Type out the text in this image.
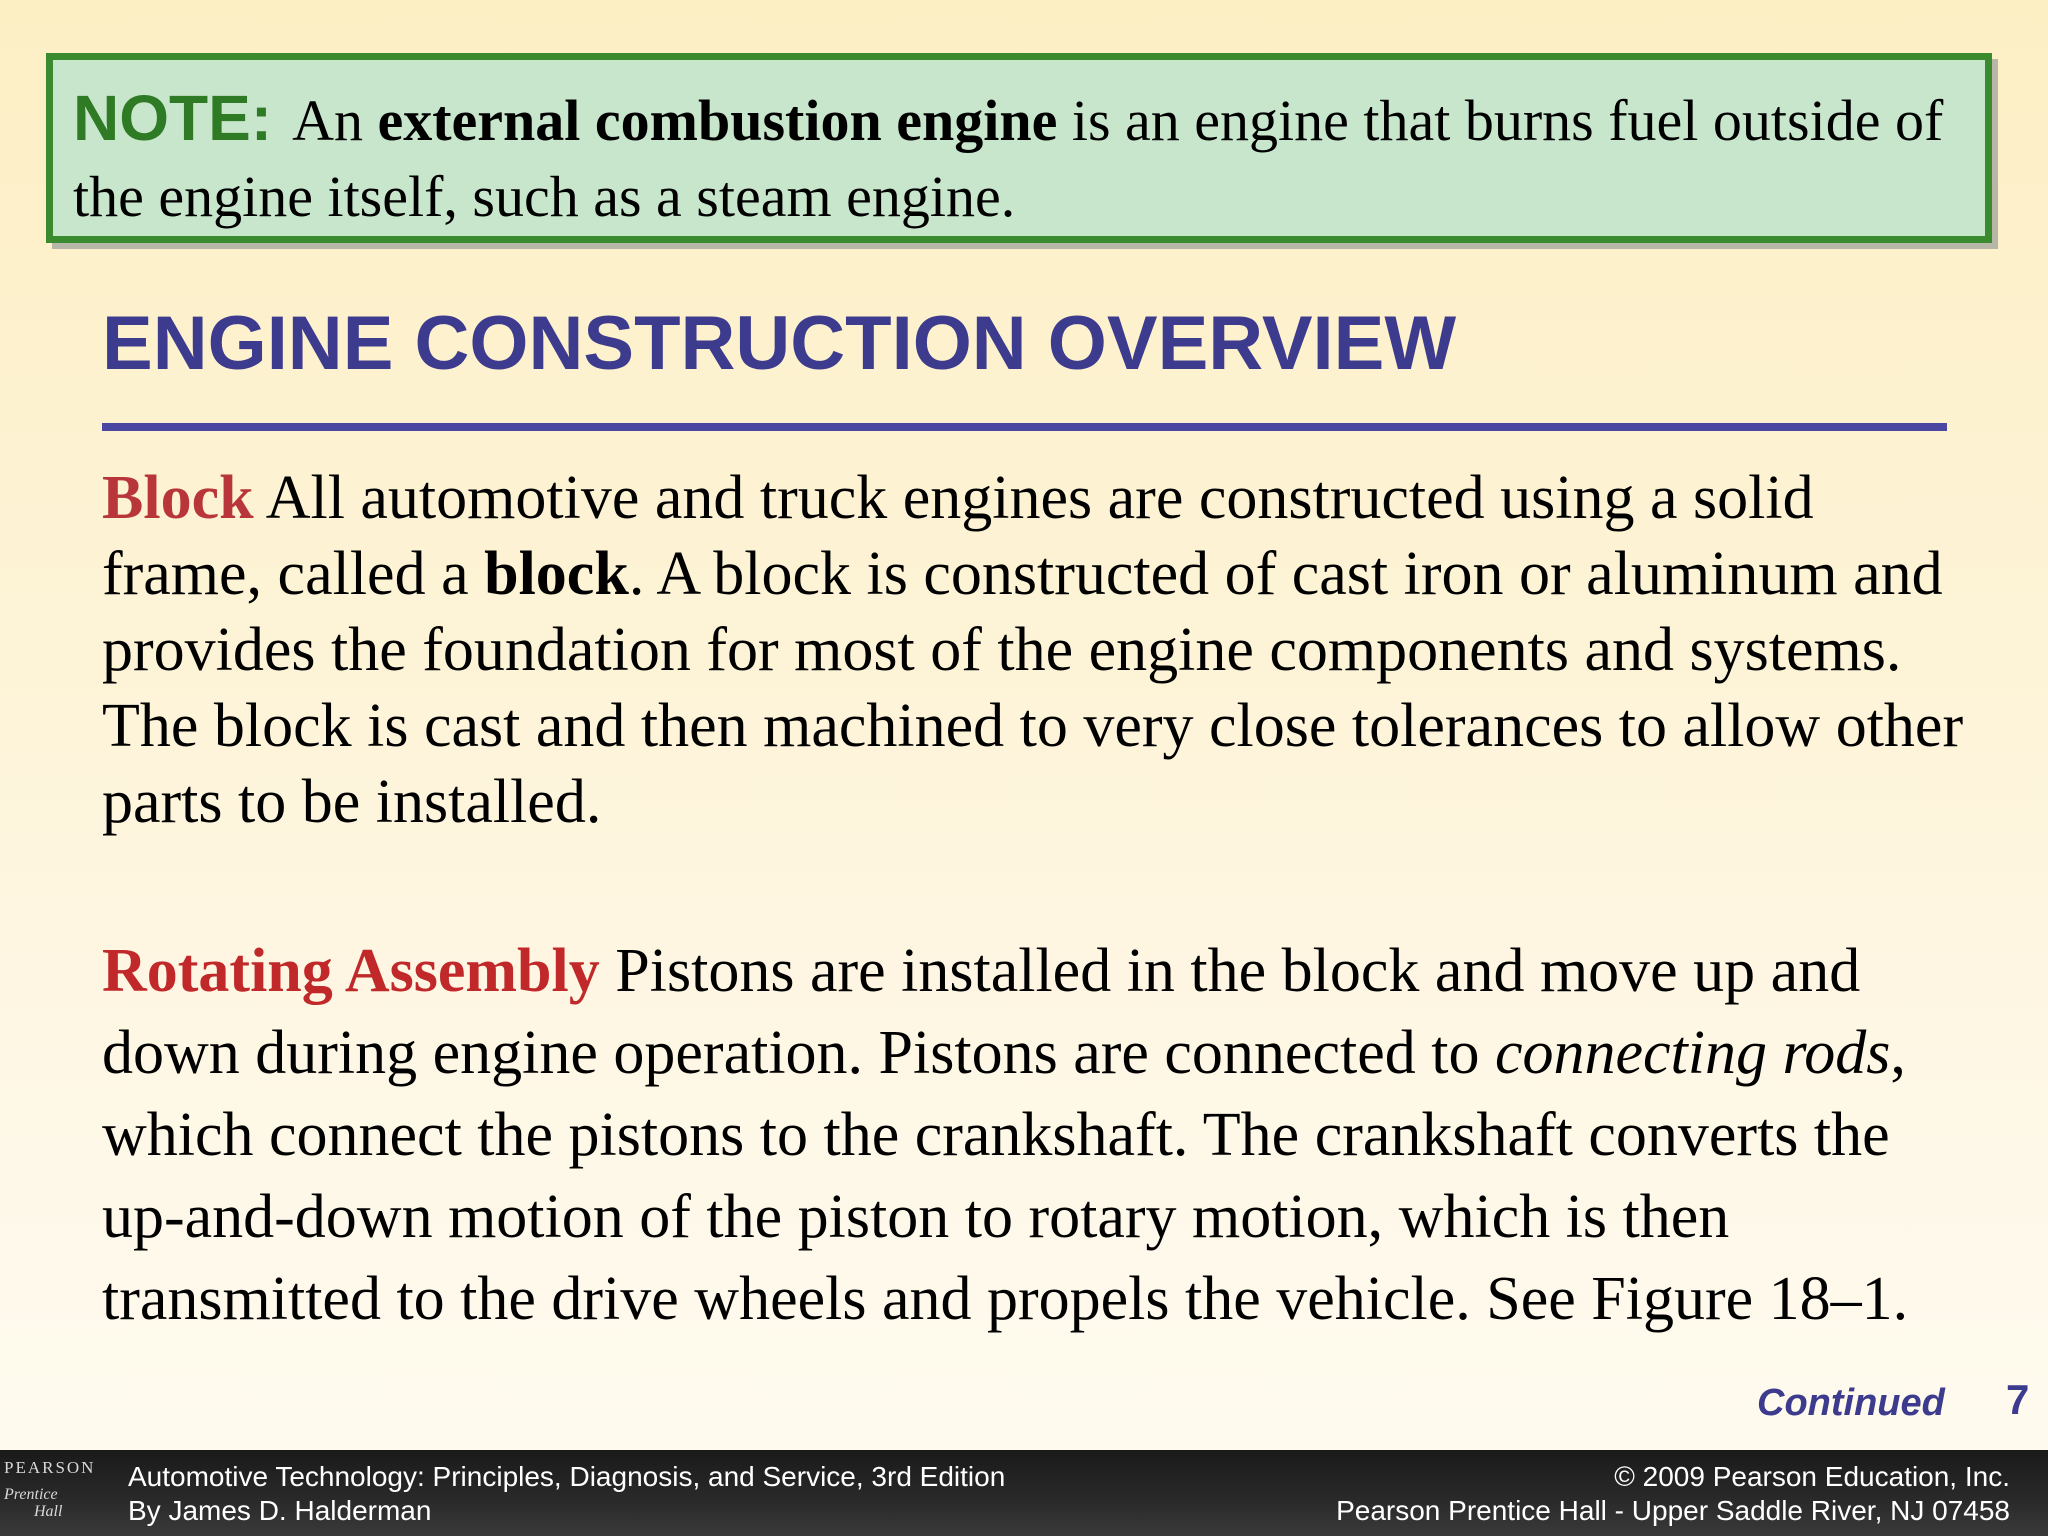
NOTE: An external combustion engine is an engine that burns fuel outside of the engine itself, such as a steam engine.

ENGINE CONSTRUCTION OVERVIEW

Block All automotive and truck engines are constructed using a solid frame, called a block. A block is constructed of cast iron or aluminum and provides the foundation for most of the engine components and systems. The block is cast and then machined to very close tolerances to allow other parts to be installed.

Rotating Assembly Pistons are installed in the block and move up and down during engine operation. Pistons are connected to connecting rods, which connect the pistons to the crankshaft. The crankshaft converts the up-and-down motion of the piston to rotary motion, which is then transmitted to the drive wheels and propels the vehicle. See Figure 18–1.

Continued 7
PEARSON
Prentice
Hall
Automotive Technology: Principles, Diagnosis, and Service, 3rd Edition
By James D. Halderman
© 2009 Pearson Education, Inc.
Pearson Prentice Hall - Upper Saddle River, NJ 07458
